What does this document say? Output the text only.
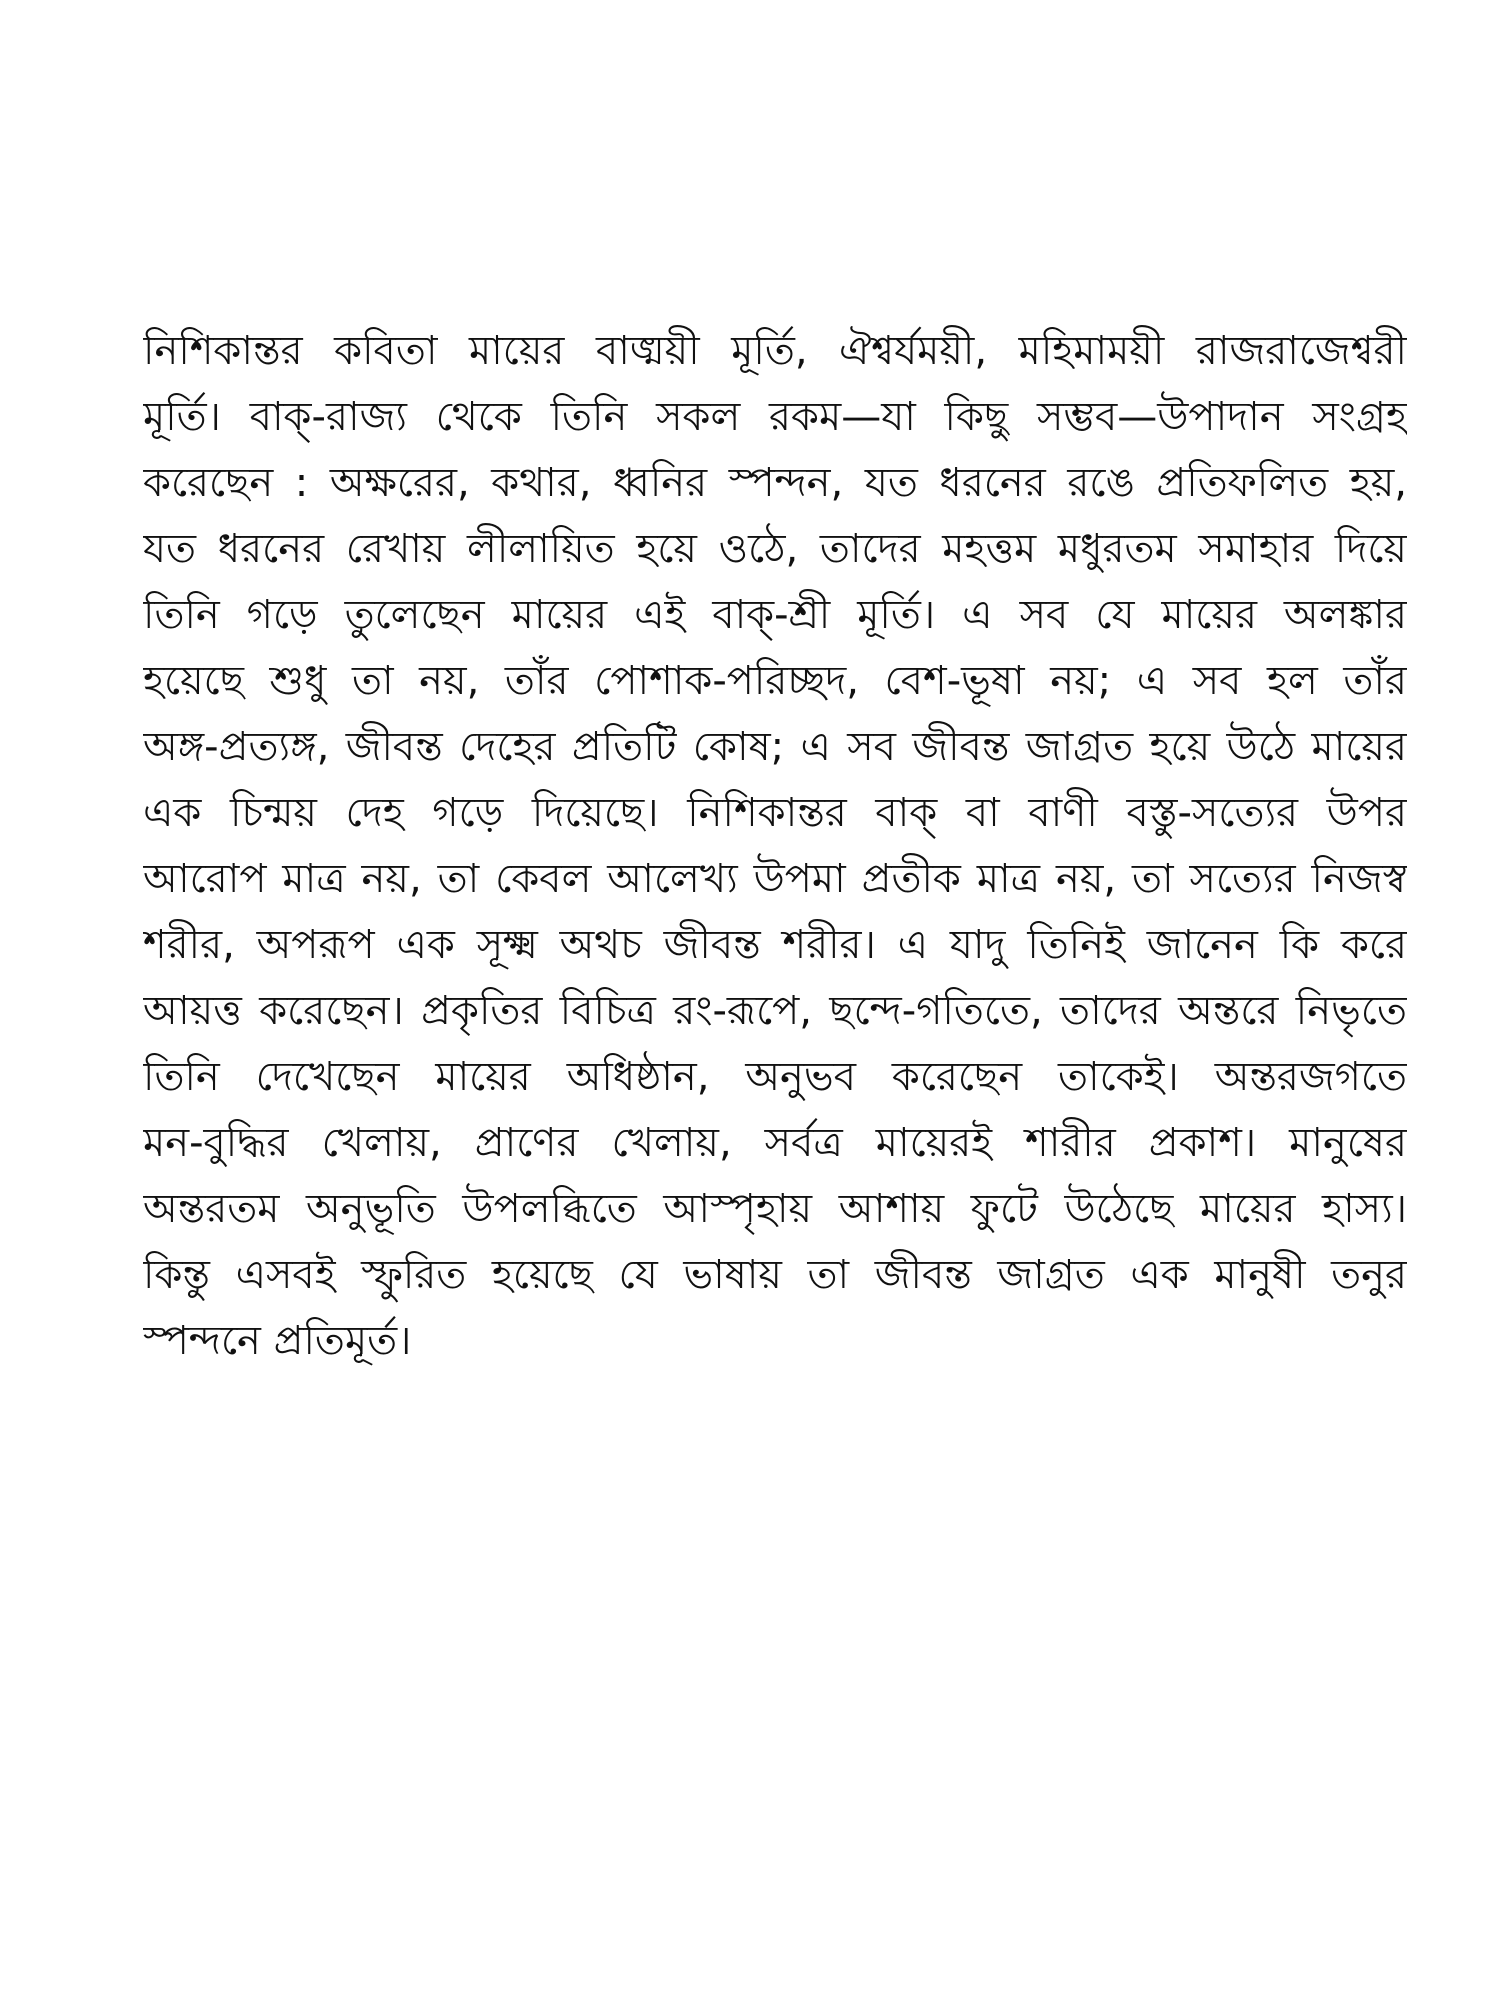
নিশিকান্তর কবিতা মায়ের বাঙ্ময়ী মূর্তি, ঐশ্বর্যময়ী, মহিমাময়ী রাজরাজেশ্বরী
মূর্তি। বাক্‌-রাজ্য থেকে তিনি সকল রকম—যা কিছু সম্ভব—উপাদান সংগ্রহ
করেছেন : অক্ষরের, কথার, ধ্বনির স্পন্দন, যত ধরনের রঙে প্রতিফলিত হয়,
যত ধরনের রেখায় লীলায়িত হয়ে ওঠে, তাদের মহত্তম মধুরতম সমাহার দিয়ে
তিনি গড়ে তুলেছেন মায়ের এই বাক্‌-শ্রী মূর্তি। এ সব যে মায়ের অলঙ্কার
হয়েছে শুধু তা নয়, তাঁর পোশাক-পরিচ্ছদ, বেশ-ভূষা নয়; এ সব হল তাঁর
অঙ্গ-প্রত্যঙ্গ, জীবন্ত দেহের প্রতিটি কোষ; এ সব জীবন্ত জাগ্রত হয়ে উঠে মায়ের
এক চিন্ময় দেহ গড়ে দিয়েছে। নিশিকান্তর বাক্‌ বা বাণী বস্তু-সত্যের উপর
আরোপ মাত্র নয়, তা কেবল আলেখ্য উপমা প্রতীক মাত্র নয়, তা সত্যের নিজস্ব
শরীর, অপরূপ এক সূক্ষ্ম অথচ জীবন্ত শরীর। এ যাদু তিনিই জানেন কি করে
আয়ত্ত করেছেন। প্রকৃতির বিচিত্র রং-রূপে, ছন্দে-গতিতে, তাদের অন্তরে নিভৃতে
তিনি দেখেছেন মায়ের অধিষ্ঠান, অনুভব করেছেন তাকেই। অন্তরজগতে
মন-বুদ্ধির খেলায়, প্রাণের খেলায়, সর্বত্র মায়েরই শারীর প্রকাশ। মানুষের
অন্তরতম অনুভূতি উপলব্ধিতে আস্পৃহায় আশায় ফুটে উঠেছে মায়ের হাস্য।
কিন্তু এসবই স্ফুরিত হয়েছে যে ভাষায় তা জীবন্ত জাগ্রত এক মানুষী তনুর
স্পন্দনে প্রতিমূর্ত।
